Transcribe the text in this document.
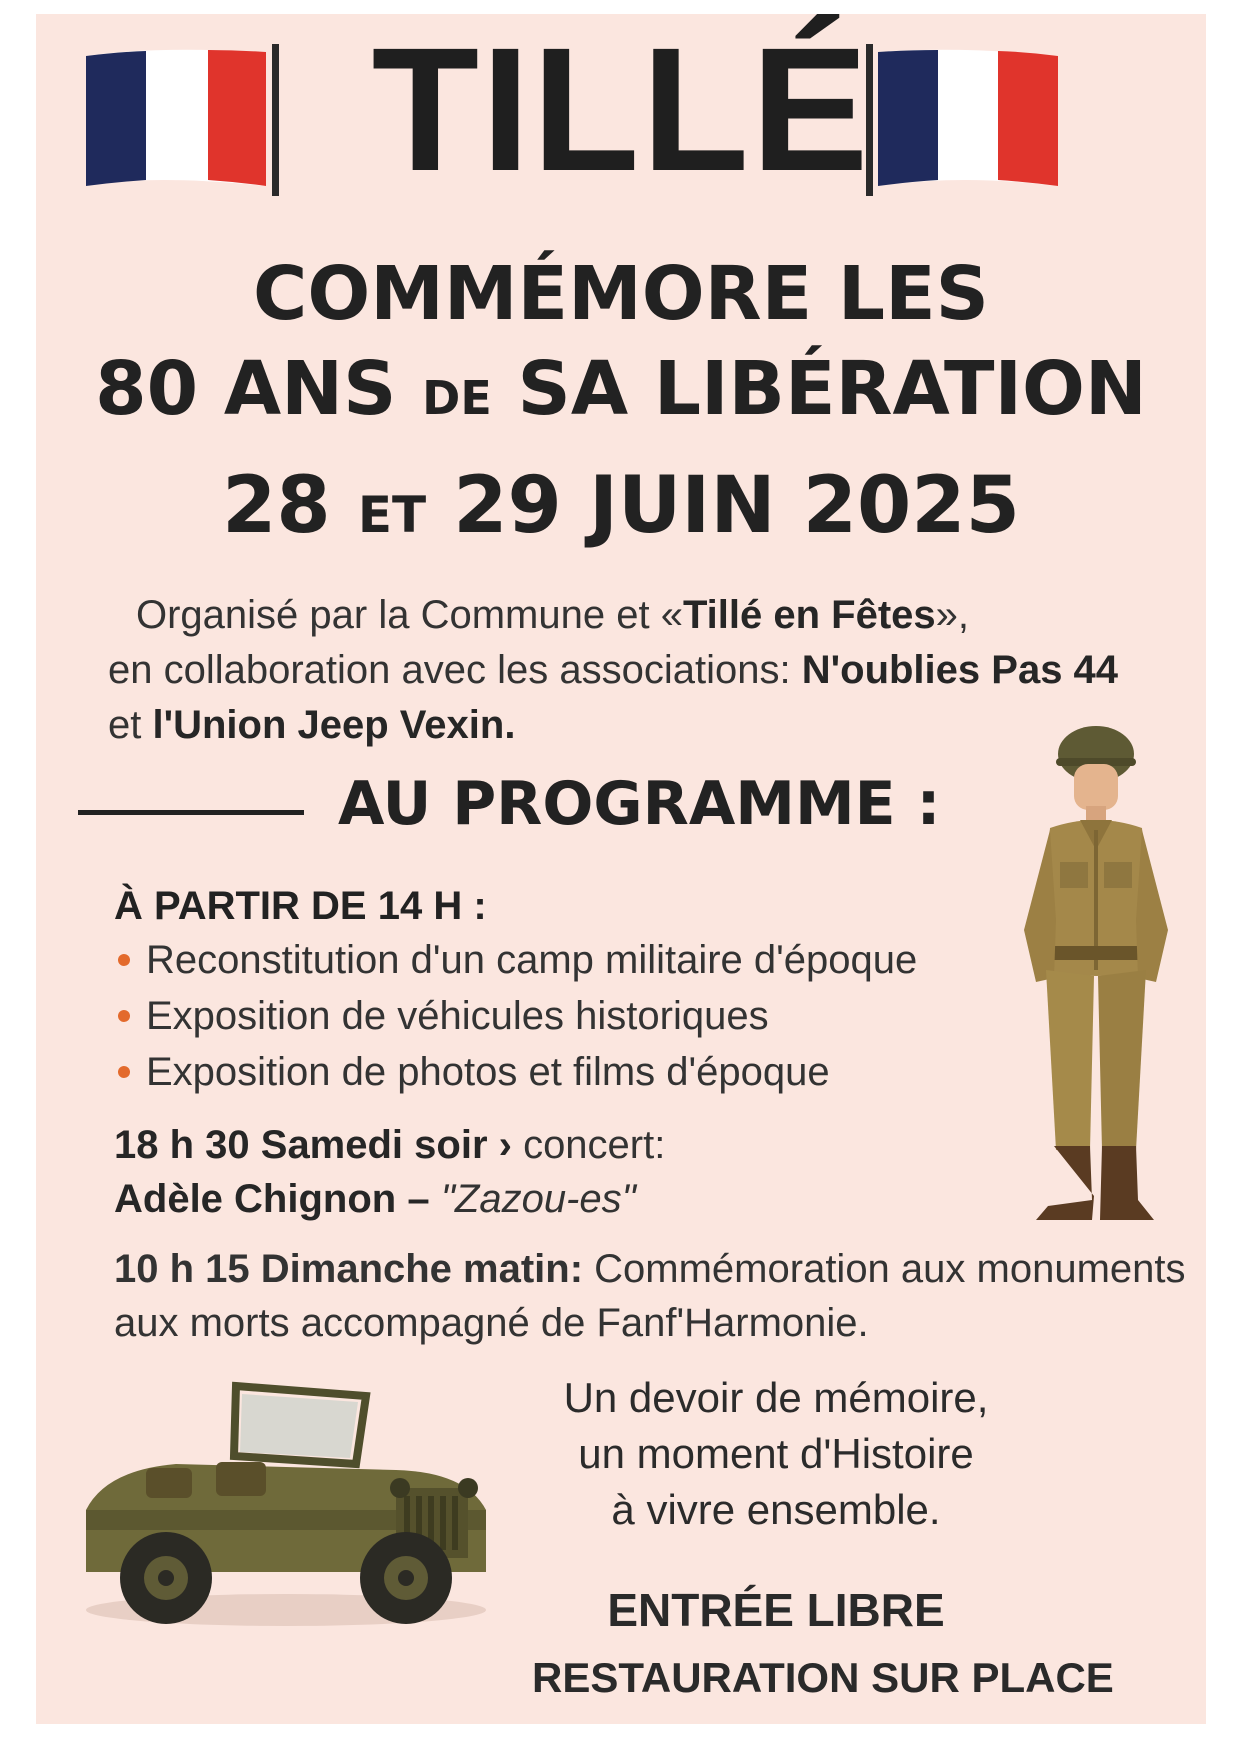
TILLÉ
COMMÉMORE LES
80 ANS DE SA LIBÉRATION
28 ET 29 JUIN 2025
Organisé par la Commune et «Tillé en Fêtes»,
en collaboration avec les associations: N'oublies Pas 44
et l'Union Jeep Vexin.
AU PROGRAMME :
À PARTIR DE 14 H :
Reconstitution d'un camp militaire d'époque
Exposition de véhicules historiques
Exposition de photos et films d'époque
18 h 30 Samedi soir › concert:
Adèle Chignon – "Zazou-es"
10 h 15 Dimanche matin: Commémoration aux monuments aux morts accompagné de Fanf'Harmonie.
Un devoir de mémoire,
un moment d'Histoire
à vivre ensemble.
ENTRÉE LIBRE
RESTAURATION SUR PLACE
